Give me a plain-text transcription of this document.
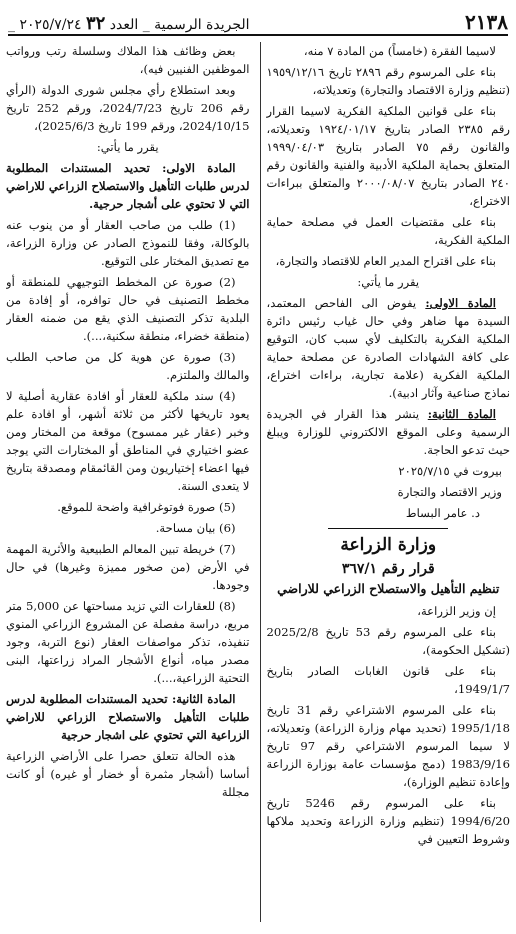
٢١٣٨
الجريدة الرسمية _ العدد ٣٢ ٢٠٢٥/٧/٢٤ _

لاسيما الفقرة (خامساً) من المادة ٧ منه،

بناء على المرسوم رقم ٢٨٩٦ تاريخ ١٩٥٩/١٢/١٦ (تنظيم وزارة الاقتصاد والتجارة) وتعديلاته،

بناء على قوانين الملكية الفكرية لاسيما القرار رقم ٢٣٨٥ الصادر بتاريخ ١٩٢٤/٠١/١٧ وتعديلاته، والقانون رقم ٧٥ الصادر بتاريخ ١٩٩٩/٠٤/٠٣ المتعلق بحماية الملكية الأدبية والفنية والقانون رقم ٢٤٠ الصادر بتاريخ ٢٠٠٠/٠٨/٠٧ والمتعلق ببراءات الاختراع،

بناء على مقتضيات العمل في مصلحة حماية الملكية الفكرية،

بناء على اقتراح المدير العام للاقتصاد والتجارة،

يقرر ما يأتي:

المادة الاولى: يفوض الى الفاحص المعتمد، السيدة مها ضاهر وفي حال غياب رئيس دائرة الملكية الفكرية بالتكليف لأي سبب كان، التوقيع على كافة الشهادات الصادرة عن مصلحة حماية الملكية الفكرية (علامة تجارية، براءات اختراع، نماذج صناعية وآثار ادبية).

المادة الثانية: ينشر هذا القرار في الجريدة الرسمية وعلى الموقع الالكتروني للوزارة ويبلغ حيث تدعو الحاجة.

بيروت في ٢٠٢٥/٧/١٥

وزير الاقتصاد والتجارة

د. عامر البساط

وزارة الزراعة
قرار رقم ٣٦٧/١
تنظيم التأهيل والاستصلاح الزراعي للاراضي

إن وزير الزراعة،

بناء على المرسوم رقم 53 تاريخ 2025/2/8 (تشكيل الحكومة)،

بناء على قانون الغابات الصادر بتاريخ 1949/1/7،

بناء على المرسوم الاشتراعي رقم 31 تاريخ 1995/1/18 (تحديد مهام وزارة الزراعة) وتعديلاته، لا سيما المرسوم الاشتراعي رقم 97 تاريخ 1983/9/16 (دمج مؤسسات عامة بوزارة الزراعة وإعادة تنظيم الوزارة)،

بناء على المرسوم رقم 5246 تاريخ 1994/6/20 (تنظيم وزارة الزراعة وتحديد ملاكها وشروط التعيين في

بعض وظائف هذا الملاك وسلسلة رتب ورواتب الموظفين الفنيين فيه)،

وبعد استطلاع رأي مجلس شورى الدولة (الرأي رقم 206 تاريخ 2024/7/23، ورقم 252 تاريخ 2024/10/15، ورقم 199 تاريخ 2025/6/3)،

يقرر ما يأتي:

المادة الاولى: تحديد المستندات المطلوبة لدرس طلبات التأهيل والاستصلاح الزراعي للاراضي التي لا تحتوي على أشجار حرجية.

(1) طلب من صاحب العقار أو من ينوب عنه بالوكالة، وفقا للنموذج الصادر عن وزارة الزراعة، مع تصديق المختار على التوقيع.

(2) صورة عن المخطط التوجيهي للمنطقة أو مخطط التصنيف في حال توافره، أو إفادة من البلدية تذكر التصنيف الذي يقع من ضمنه العقار (منطقة خضراء، منطقة سكنية،...).

(3) صورة عن هوية كل من صاحب الطلب والمالك والملتزم.

(4) سند ملكية للعقار أو افادة عقارية أصلية لا يعود تاريخها لأكثر من ثلاثة أشهر، أو افادة علم وخبر (عقار غير ممسوح) موقعة من المختار ومن عضو اختياري في المناطق أو المختارات التي يوجد فيها اعضاء إختياريون ومن القائمقام ومصدقة بتاريخ لا يتعدى السنة.

(5) صورة فوتوغرافية واضحة للموقع.

(6) بيان مساحة.

(7) خريطة تبين المعالم الطبيعية والأثرية المهمة في الأرض (من صخور مميزة وغيرها) في حال وجودها.

(8) للعقارات التي تزيد مساحتها عن 5,000 متر مربع، دراسة مفصلة عن المشروع الزراعي المنوي تنفيذه، تذكر مواصفات العقار (نوع التربة، وجود مصدر مياه، أنواع الأشجار المراد زراعتها، البنى التحتية الزراعية،...).

المادة الثانية: تحديد المستندات المطلوبة لدرس طلبات التأهيل والاستصلاح الزراعي للاراضي الزراعية التي تحتوي على اشجار حرجية

هذه الحالة تتعلق حصرا على الأراضي الزراعية أساسا (أشجار مثمرة أو خضار أو غيره) أو كانت مجللة
